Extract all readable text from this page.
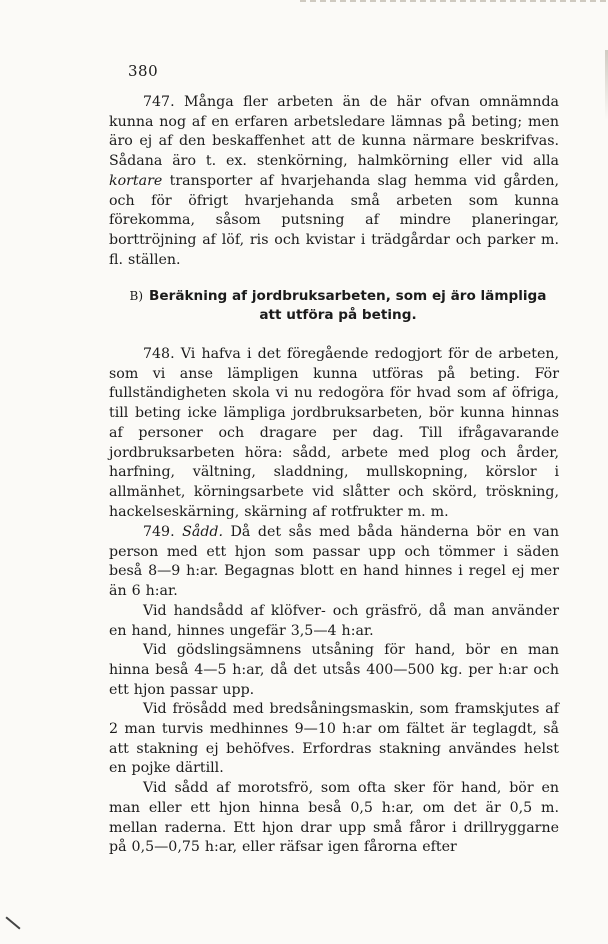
380
747. Många fler arbeten än de här ofvan omnämnda kunna nog af en erfaren arbetsledare lämnas på beting; men äro ej af den beskaffenhet att de kunna närmare beskrifvas. Sådana äro t. ex. stenkörning, halmkörning eller vid alla kortare transporter af hvarjehanda slag hemma vid gården, och för öfrigt hvarjehanda små arbeten som kunna förekomma, såsom putsning af mindre planeringar, borttröjning af löf, ris och kvistar i trädgårdar och parker m. fl. ställen.
B) Beräkning af jordbruksarbeten, som ej äro lämpliga att utföra på beting.
748. Vi hafva i det föregående redogjort för de arbeten, som vi anse lämpligen kunna utföras på beting. För fullständigheten skola vi nu redogöra för hvad som af öfriga, till beting icke lämpliga jordbruksarbeten, bör kunna hinnas af personer och dragare per dag. Till ifrågavarande jordbruksarbeten höra: sådd, arbete med plog och årder, harfning, vältning, sladdning, mullskopning, körslor i allmänhet, körningsarbete vid slåtter och skörd, tröskning, hackelseskärning, skärning af rotfrukter m. m.
749. Sådd. Då det sås med båda händerna bör en van person med ett hjon som passar upp och tömmer i säden beså 8—9 h:ar. Begagnas blott en hand hinnes i regel ej mer än 6 h:ar.
Vid handsådd af klöfver- och gräsfrö, då man använder en hand, hinnes ungefär 3,5—4 h:ar.
Vid gödslingsämnens utsåning för hand, bör en man hinna beså 4—5 h:ar, då det utsås 400—500 kg. per h:ar och ett hjon passar upp.
Vid frösådd med bredsåningsmaskin, som framskjutes af 2 man turvis medhinnes 9—10 h:ar om fältet är teglagdt, så att stakning ej behöfves. Erfordras stakning användes helst en pojke därtill.
Vid sådd af morotsfrö, som ofta sker för hand, bör en man eller ett hjon hinna beså 0,5 h:ar, om det är 0,5 m. mellan raderna. Ett hjon drar upp små fåror i drillryggarne på 0,5—0,75 h:ar, eller räfsar igen fårorna efter
